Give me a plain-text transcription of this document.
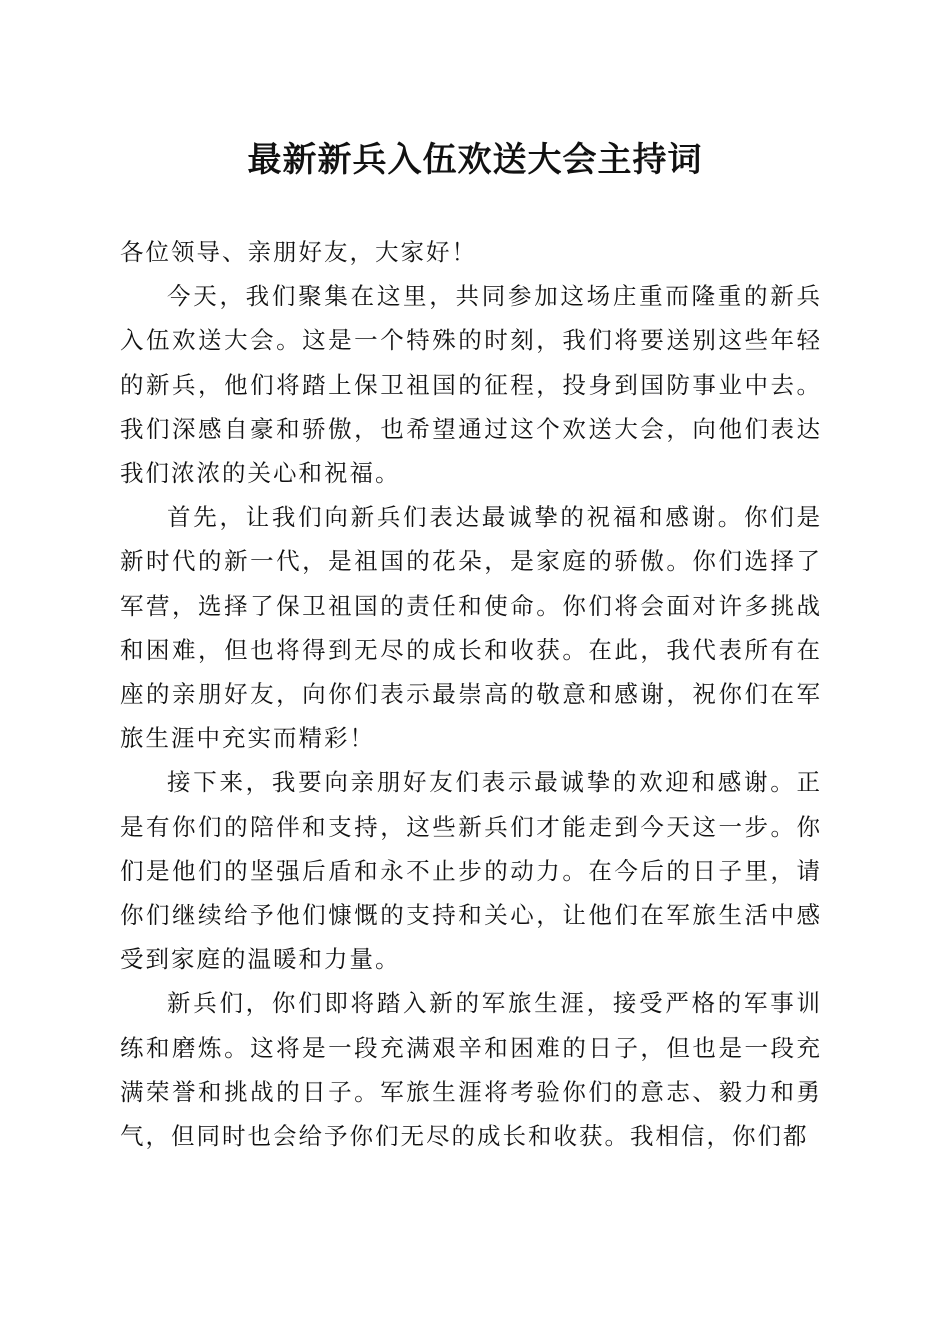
最新新兵入伍欢送大会主持词

各位领导、亲朋好友，大家好！

今天，我们聚集在这里，共同参加这场庄重而隆重的新兵入伍欢送大会。这是一个特殊的时刻，我们将要送别这些年轻的新兵，他们将踏上保卫祖国的征程，投身到国防事业中去。我们深感自豪和骄傲，也希望通过这个欢送大会，向他们表达我们浓浓的关心和祝福。

首先，让我们向新兵们表达最诚挚的祝福和感谢。你们是新时代的新一代，是祖国的花朵，是家庭的骄傲。你们选择了军营，选择了保卫祖国的责任和使命。你们将会面对许多挑战和困难，但也将得到无尽的成长和收获。在此，我代表所有在座的亲朋好友，向你们表示最崇高的敬意和感谢，祝你们在军旅生涯中充实而精彩！

接下来，我要向亲朋好友们表示最诚挚的欢迎和感谢。正是有你们的陪伴和支持，这些新兵们才能走到今天这一步。你们是他们的坚强后盾和永不止步的动力。在今后的日子里，请你们继续给予他们慷慨的支持和关心，让他们在军旅生活中感受到家庭的温暖和力量。

新兵们，你们即将踏入新的军旅生涯，接受严格的军事训练和磨炼。这将是一段充满艰辛和困难的日子，但也是一段充满荣誉和挑战的日子。军旅生涯将考验你们的意志、毅力和勇气，但同时也会给予你们无尽的成长和收获。我相信，你们都
